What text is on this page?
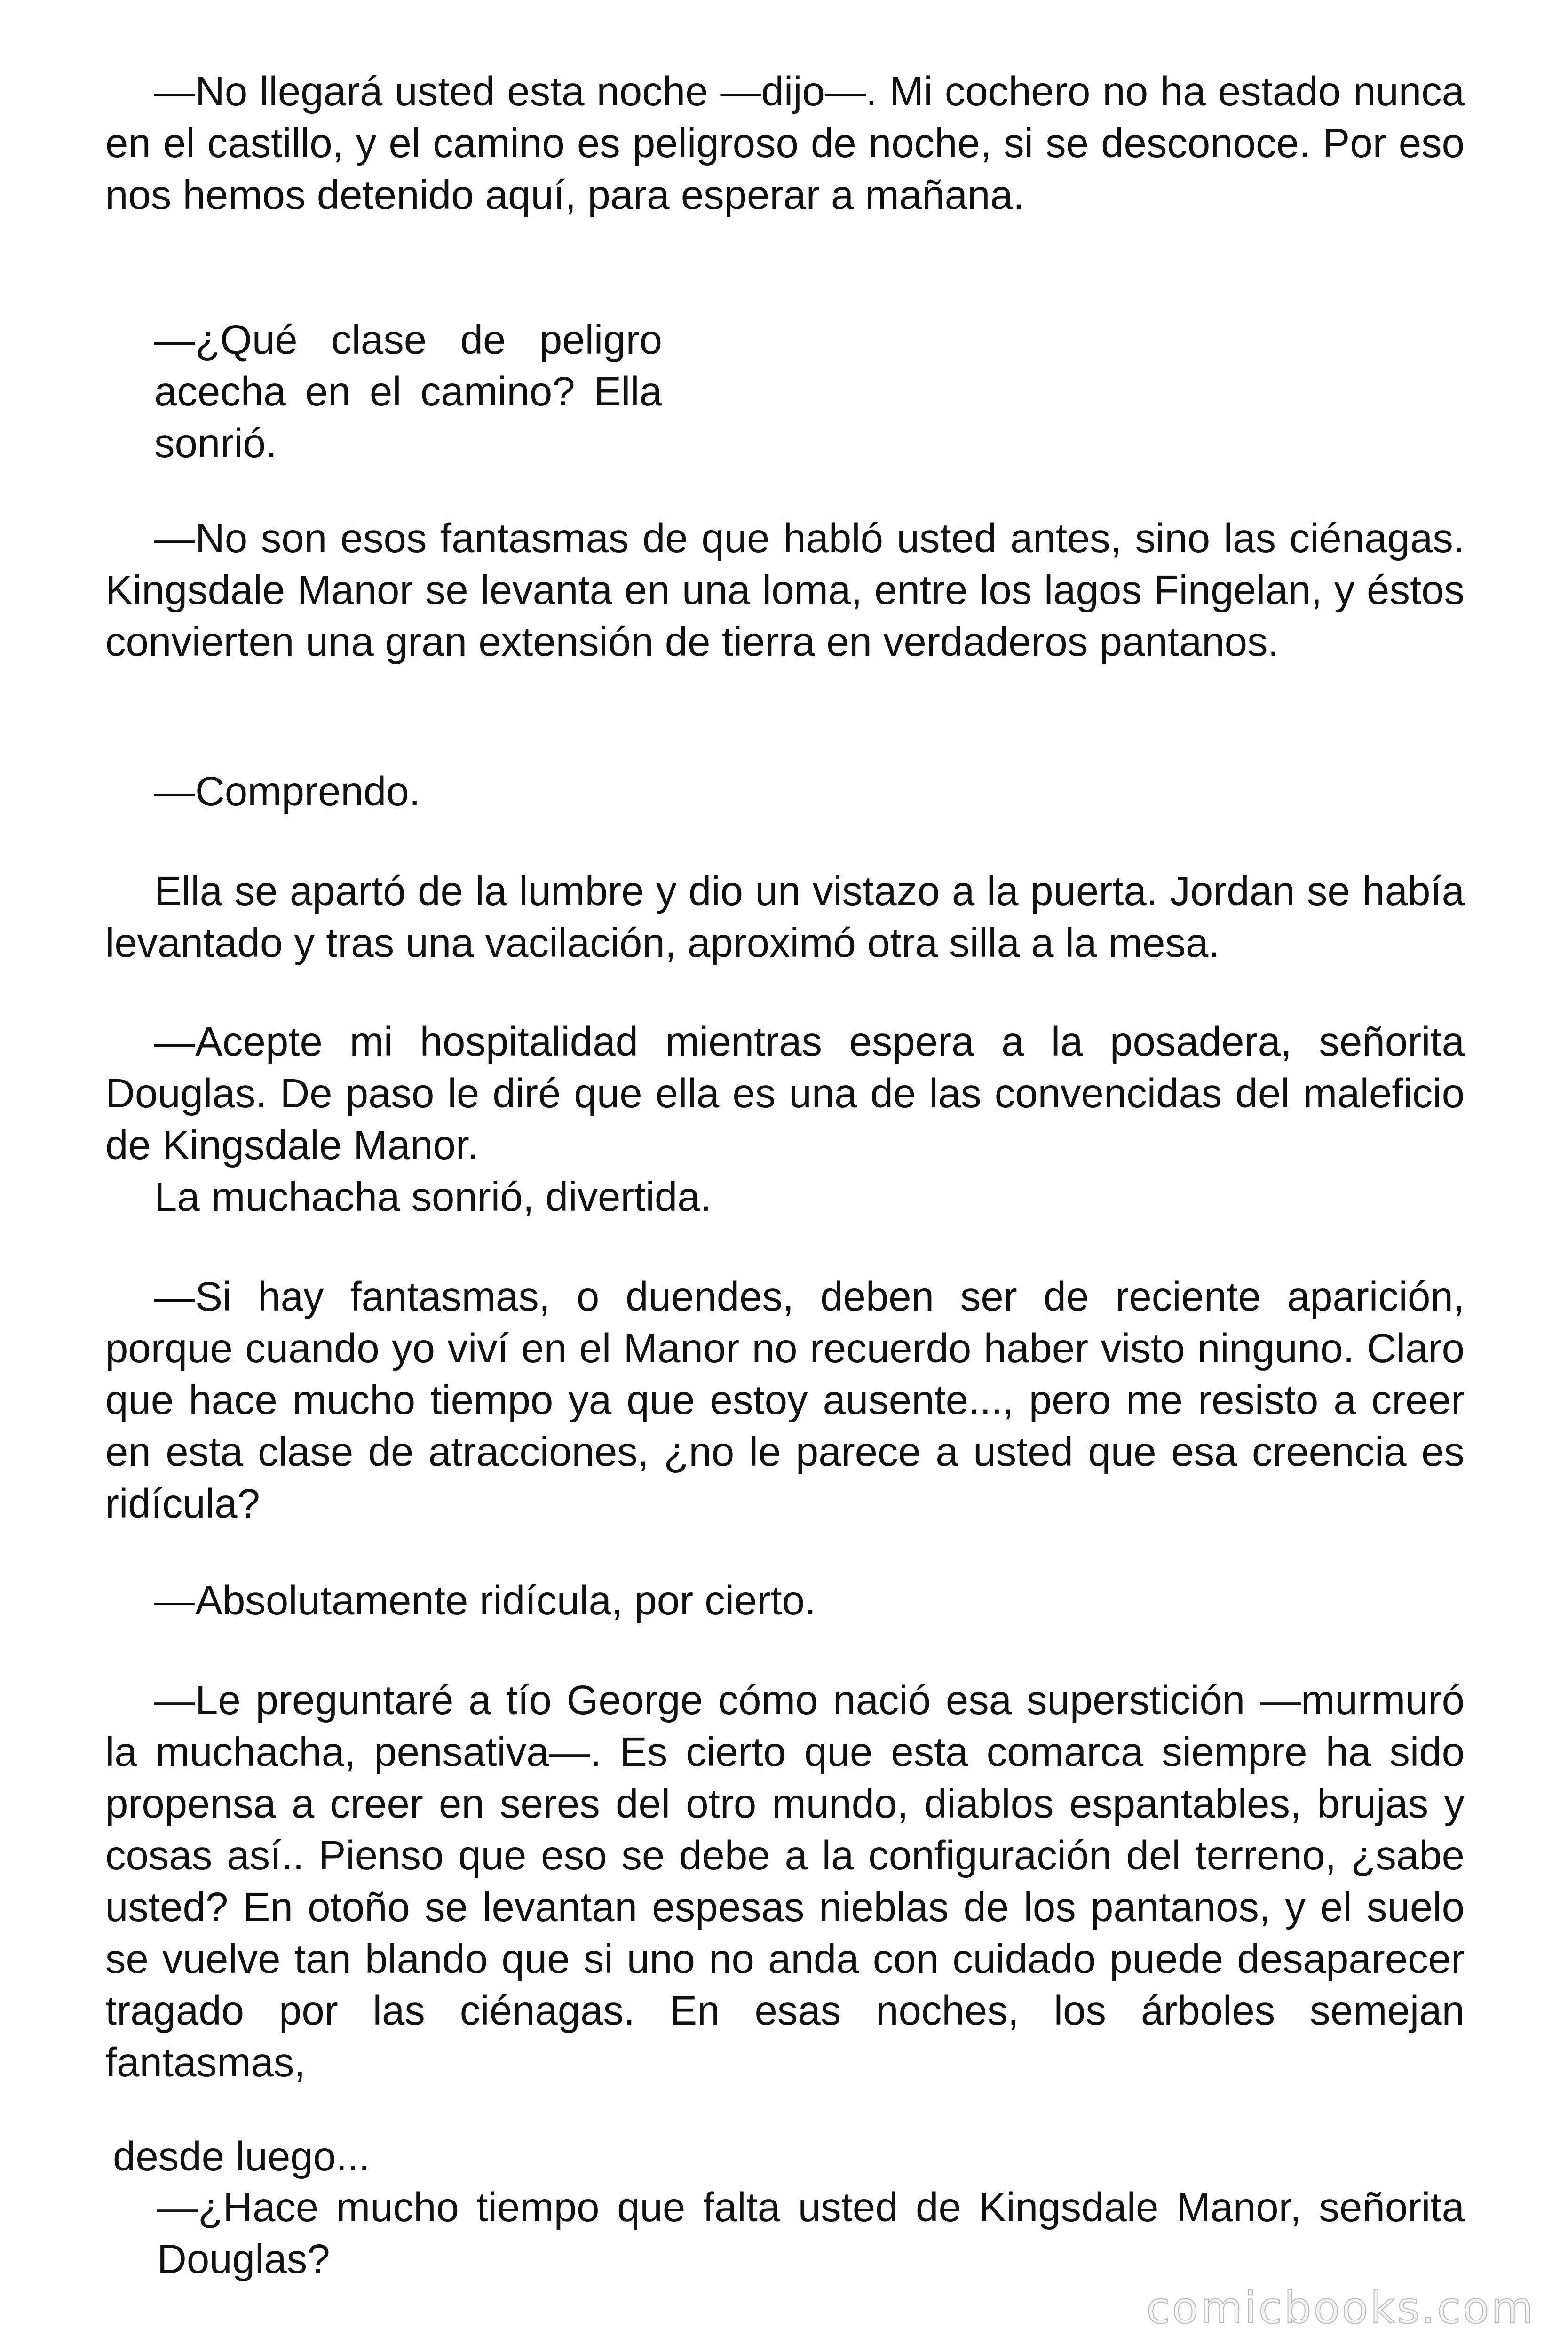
—No llegará usted esta noche —dijo—. Mi cochero no ha estado nunca en el castillo, y el camino es peligroso de noche, si se desconoce. Por eso nos hemos detenido aquí, para esperar a mañana.

—¿Qué clase de peligro acecha en el camino? Ella sonrió.

—No son esos fantasmas de que habló usted antes, sino las ciénagas. Kingsdale Manor se levanta en una loma, entre los lagos Fingelan, y éstos convierten una gran extensión de tierra en verdaderos pantanos.

—Comprendo.

Ella se apartó de la lumbre y dio un vistazo a la puerta. Jordan se había levantado y tras una vacilación, aproximó otra silla a la mesa.

—Acepte mi hospitalidad mientras espera a la posadera, señorita Douglas. De paso le diré que ella es una de las convencidas del maleficio de Kingsdale Manor.

La muchacha sonrió, divertida.

—Si hay fantasmas, o duendes, deben ser de reciente aparición, porque cuando yo viví en el Manor no recuerdo haber visto ninguno. Claro que hace mucho tiempo ya que estoy ausente..., pero me resisto a creer en esta clase de atracciones, ¿no le parece a usted que esa creencia es ridícula?

—Absolutamente ridícula, por cierto.

—Le preguntaré a tío George cómo nació esa superstición —murmuró la muchacha, pensativa—. Es cierto que esta comarca siempre ha sido propensa a creer en seres del otro mundo, diablos espantables, brujas y cosas así.. Pienso que eso se debe a la configuración del terreno, ¿sabe usted? En otoño se levantan espesas nieblas de los pantanos, y el suelo se vuelve tan blando que si uno no anda con cuidado puede desaparecer tragado por las ciénagas. En esas noches, los árboles semejan fantasmas,

desde luego...

—¿Hace mucho tiempo que falta usted de Kingsdale Manor, señorita Douglas?

comicbooks.com
